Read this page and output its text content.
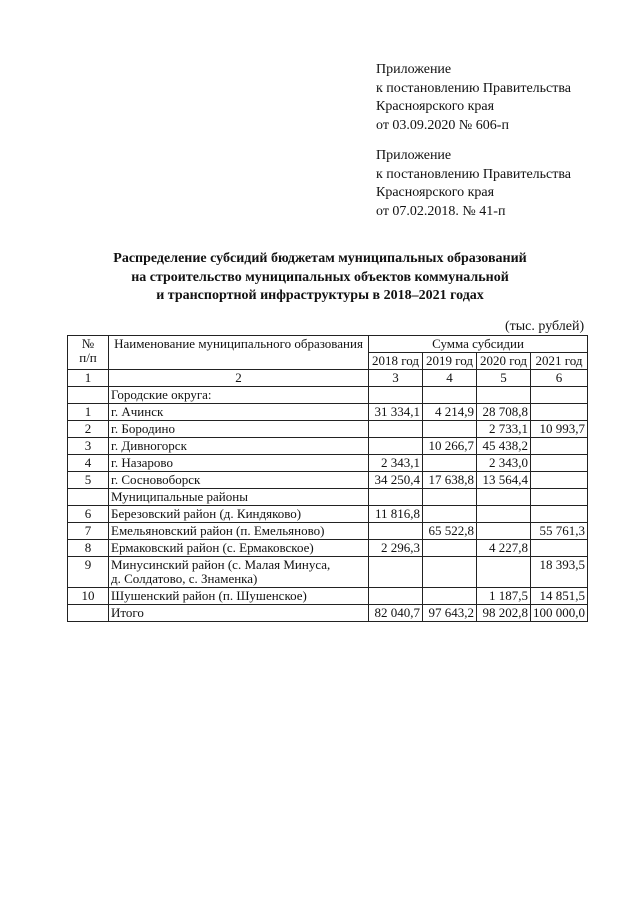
Приложение
к постановлению Правительства
Красноярского края
от 03.09.2020 № 606-п
Приложение
к постановлению Правительства
Красноярского края
от 07.02.2018. № 41-п
Распределение субсидий бюджетам муниципальных образований
на строительство муниципальных объектов коммунальной
и транспортной инфраструктуры в 2018–2021 годах
(тыс. рублей)
№
п/п	Наименование муниципального образования	Сумма субсидии			
		2018 год	2019 год	2020 год	2021 год
1	2	3	4	5	6
	Городские округа:				
1	г. Ачинск	31 334,1	4 214,9	28 708,8	
2	г. Бородино			2 733,1	10 993,7
3	г. Дивногорск		10 266,7	45 438,2	
4	г. Назарово	2 343,1		2 343,0	
5	г. Сосновоборск	34 250,4	17 638,8	13 564,4	
	Муниципальные районы				
6	Березовский район (д. Киндяково)	11 816,8			
7	Емельяновский район (п. Емельяново)		65 522,8		55 761,3
8	Ермаковский район (с. Ермаковское)	2 296,3		4 227,8	
9	Минусинский район (с. Малая Минуса,
д. Солдатово, с. Знаменка)				18 393,5
10	Шушенский район (п. Шушенское)			1 187,5	14 851,5

	Итого	82 040,7	97 643,2	98 202,8	100 000,0
